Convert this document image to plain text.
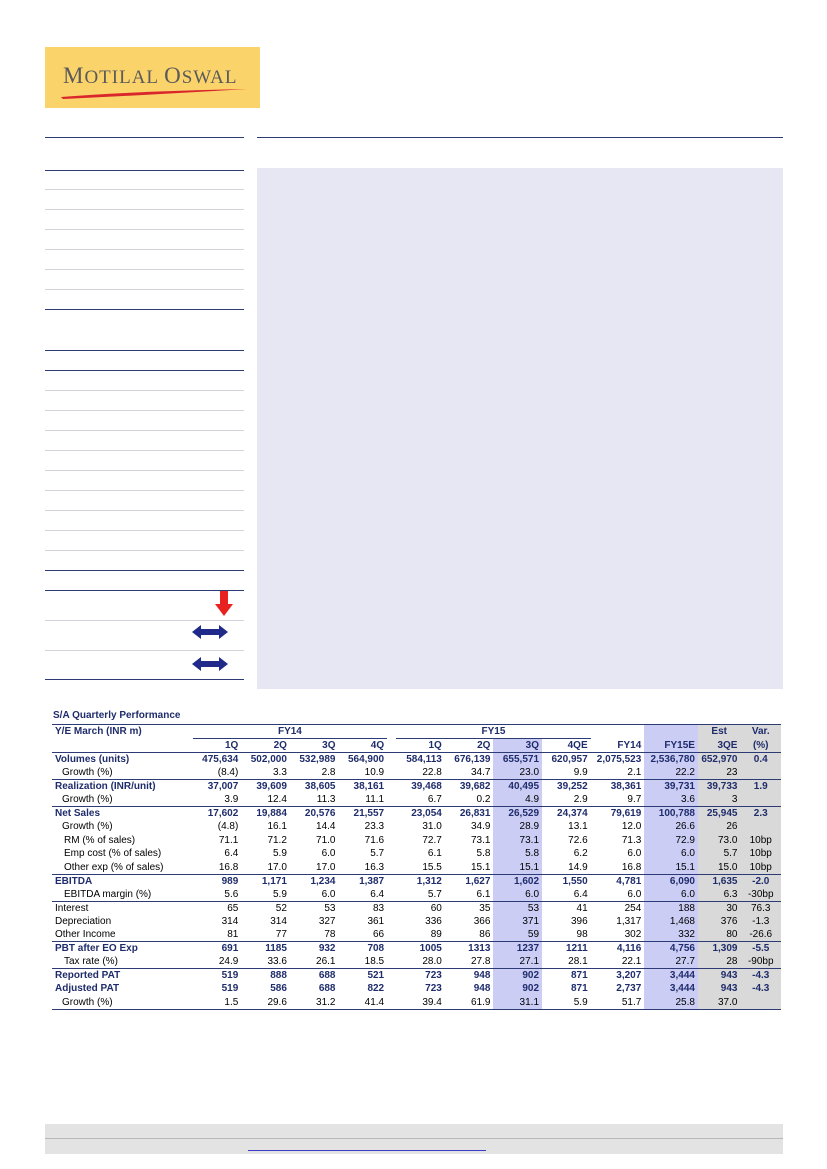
MOTILAL OSWAL
S/A Quarterly Performance
Y/E March (INR m)	FY14					FY15						Est	Var.
	1Q	2Q	3Q	4Q		1Q	2Q	3Q	4QE	FY14	FY15E	3QE	(%)
Volumes (units)	475,634	502,000	532,989	564,900		584,113	676,139	655,571	620,957	2,075,523	2,536,780	652,970	0.4
Growth (%)	(8.4)	3.3	2.8	10.9		22.8	34.7	23.0	9.9	2.1	22.2	23	
Realization (INR/unit)	37,007	39,609	38,605	38,161		39,468	39,682	40,495	39,252	38,361	39,731	39,733	1.9
Growth (%)	3.9	12.4	11.3	11.1		6.7	0.2	4.9	2.9	9.7	3.6	3	
Net Sales	17,602	19,884	20,576	21,557		23,054	26,831	26,529	24,374	79,619	100,788	25,945	2.3
Growth (%)	(4.8)	16.1	14.4	23.3		31.0	34.9	28.9	13.1	12.0	26.6	26	
RM (% of sales)	71.1	71.2	71.0	71.6		72.7	73.1	73.1	72.6	71.3	72.9	73.0	10bp
Emp cost (% of sales)	6.4	5.9	6.0	5.7		6.1	5.8	5.8	6.2	6.0	6.0	5.7	10bp
Other exp (% of sales)	16.8	17.0	17.0	16.3		15.5	15.1	15.1	14.9	16.8	15.1	15.0	10bp
EBITDA	989	1,171	1,234	1,387		1,312	1,627	1,602	1,550	4,781	6,090	1,635	-2.0
EBITDA margin (%)	5.6	5.9	6.0	6.4		5.7	6.1	6.0	6.4	6.0	6.0	6.3	-30bp
Interest	65	52	53	83		60	35	53	41	254	188	30	76.3
Depreciation	314	314	327	361		336	366	371	396	1,317	1,468	376	-1.3
Other Income	81	77	78	66		89	86	59	98	302	332	80	-26.6
PBT after EO Exp	691	1185	932	708		1005	1313	1237	1211	4,116	4,756	1,309	-5.5
Tax rate (%)	24.9	33.6	26.1	18.5		28.0	27.8	27.1	28.1	22.1	27.7	28	-90bp
Reported PAT	519	888	688	521		723	948	902	871	3,207	3,444	943	-4.3
Adjusted PAT	519	586	688	822		723	948	902	871	2,737	3,444	943	-4.3
Growth (%)	1.5	29.6	31.2	41.4		39.4	61.9	31.1	5.9	51.7	25.8	37.0	
